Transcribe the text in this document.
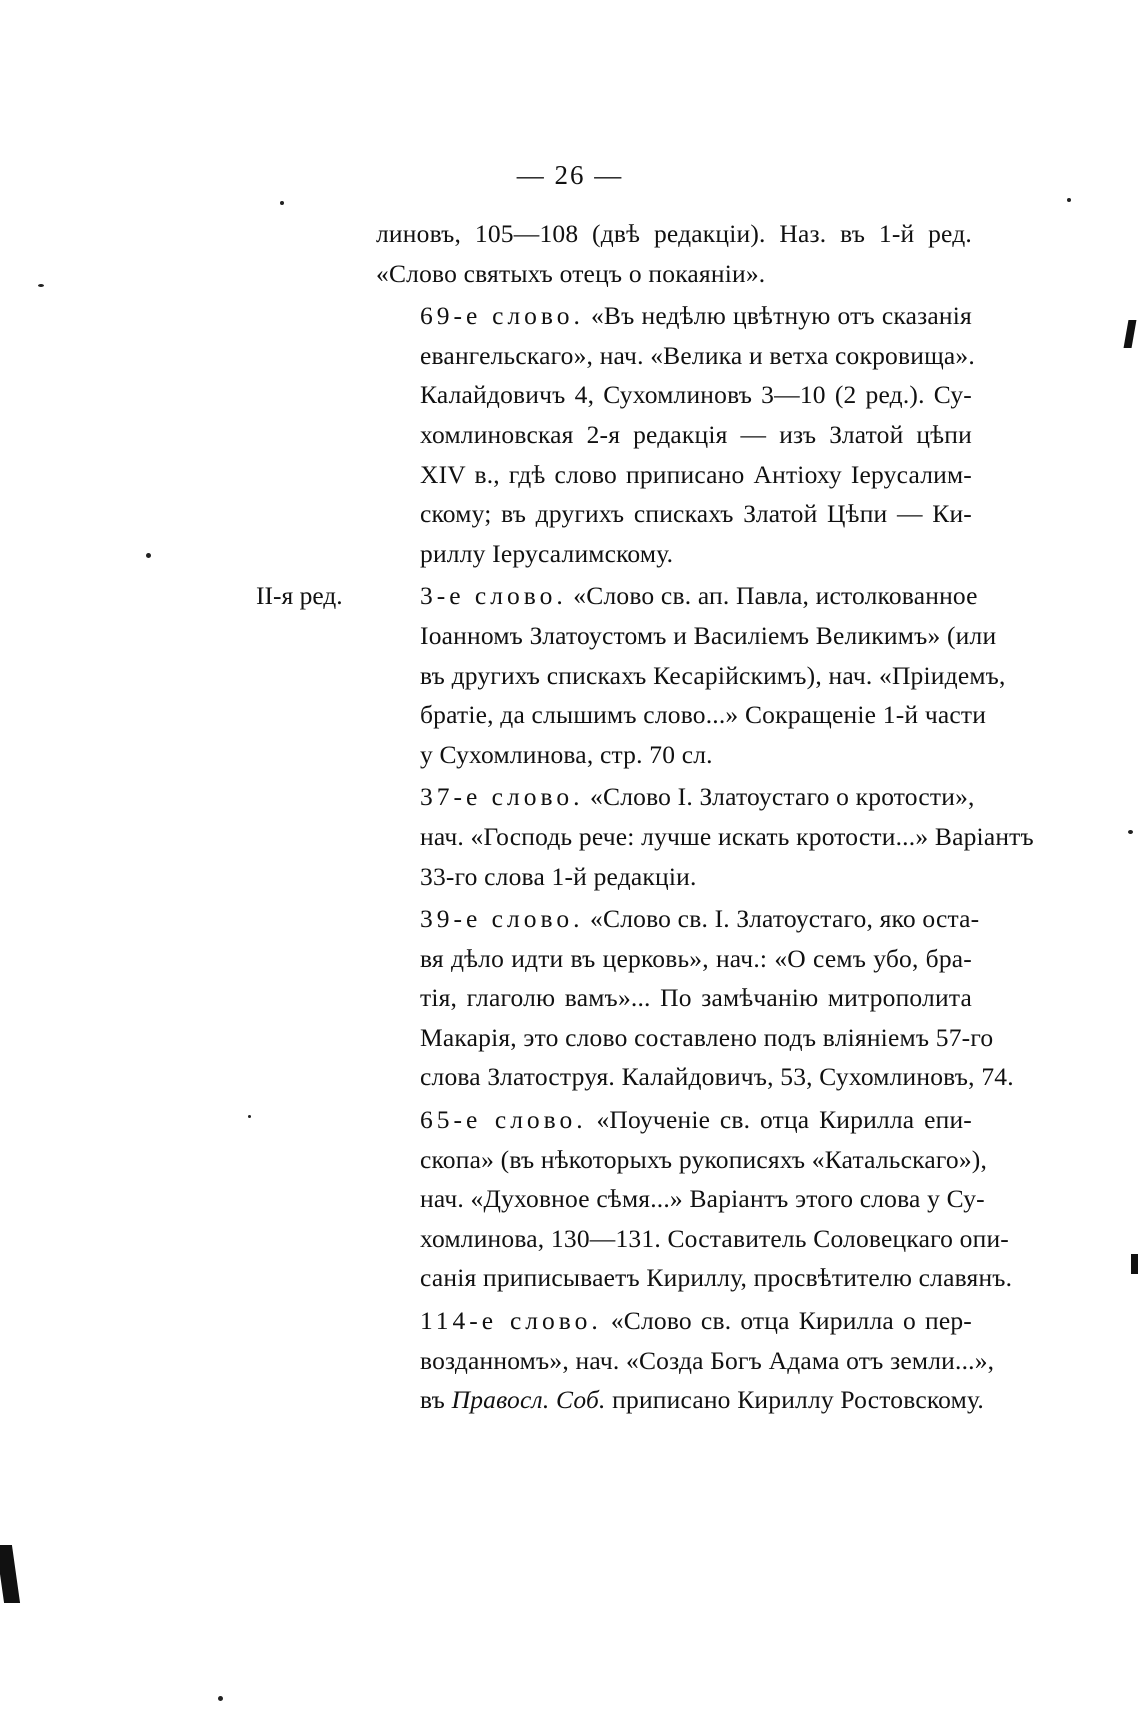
— 26 —
II-я ред.

линовъ, 105—108 (двѣ редакціи). Наз. въ 1-й ред.
«Слово святыхъ отецъ о покаяніи».

69-е слово. «Въ недѣлю цвѣтную отъ сказанія
евангельскаго», нач. «Велика и ветха сокровища».
Калайдовичъ 4, Сухомлиновъ 3—10 (2 ред.). Су-
хомлиновская 2-я редакція — изъ Златой цѣпи
XIV в., гдѣ слово приписано Антіоху Іерусалим-
скому; въ другихъ спискахъ Златой Цѣпи — Ки-
риллу Іерусалимскому.

3-е слово. «Слово св. ап. Павла, истолкованное
Іоанномъ Златоустомъ и Василіемъ Великимъ» (или
въ другихъ спискахъ Кесарійскимъ), нач. «Пріидемъ,
братіе, да слышимъ слово...» Сокращеніе 1-й части
у Сухомлинова, стр. 70 сл.

37-е слово. «Слово І. Златоустаго о кротости»,
нач. «Господь рече: лучше искать кротости...» Варіантъ
33-го слова 1-й редакціи.

39-е слово. «Слово св. І. Златоустаго, яко оста-
вя дѣло идти въ церковь», нач.: «О семъ убо, бра-
тія, глаголю вамъ»... По замѣчанію митрополита
Макарія, это слово составлено подъ вліяніемъ 57-го
слова Златоструя. Калайдовичъ, 53, Сухомлиновъ, 74.

65-е слово. «Поученіе св. отца Кирилла епи-
скопа» (въ нѣкоторыхъ рукописяхъ «Катальскаго»),
нач. «Духовное сѣмя...» Варіантъ этого слова у Су-
хомлинова, 130—131. Составитель Соловецкаго опи-
санія приписываетъ Кириллу, просвѣтителю славянъ.

114-е слово. «Слово св. отца Кирилла о пер-
возданномъ», нач. «Созда Богъ Адама отъ земли...»,
въ Правосл. Соб. приписано Кириллу Ростовскому.
